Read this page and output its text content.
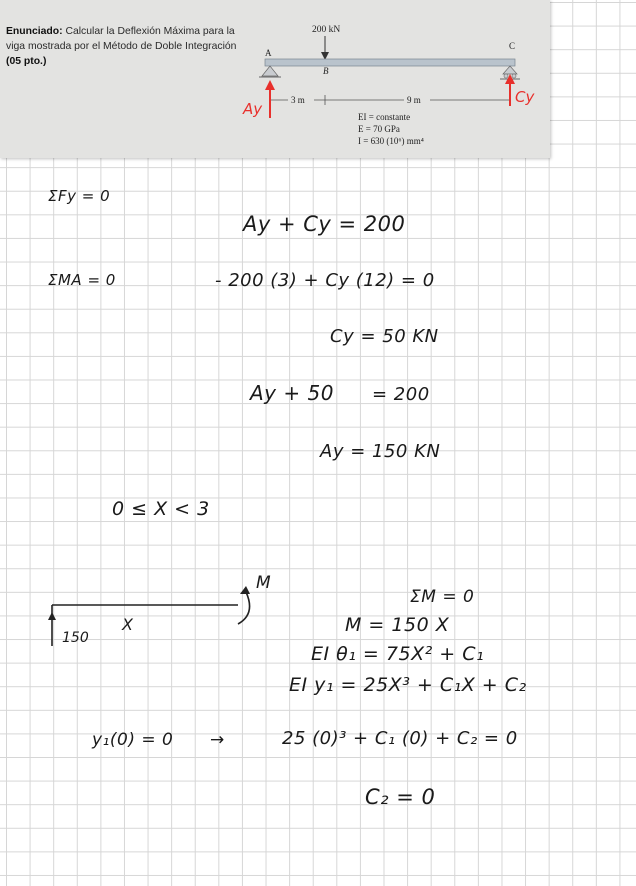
Enunciado: Calcular la Deflexión Máxima para la viga mostrada por el Método de Doble Integración (05 pto.)
200 kN
A
C
B
3 m	9 m
EI = constante
E = 70 GPa
I = 630 (10⁶) mm⁴
Ay
Cy
ΣFy = 0
Ay + Cy = 200
ΣMA = 0	- 200 (3) + Cy (12) = 0
Cy = 50 KN
Ay + 50 = 200
Ay = 150 KN
0 ≤ X < 3
M
150
X
ΣM = 0
M = 150 X
EI θ₁ = 75X² + C₁
EI y₁ = 25X³ + C₁X + C₂
y₁(0) = 0 →	25 (0)³ + C₁ (0) + C₂ = 0
C₂ = 0
